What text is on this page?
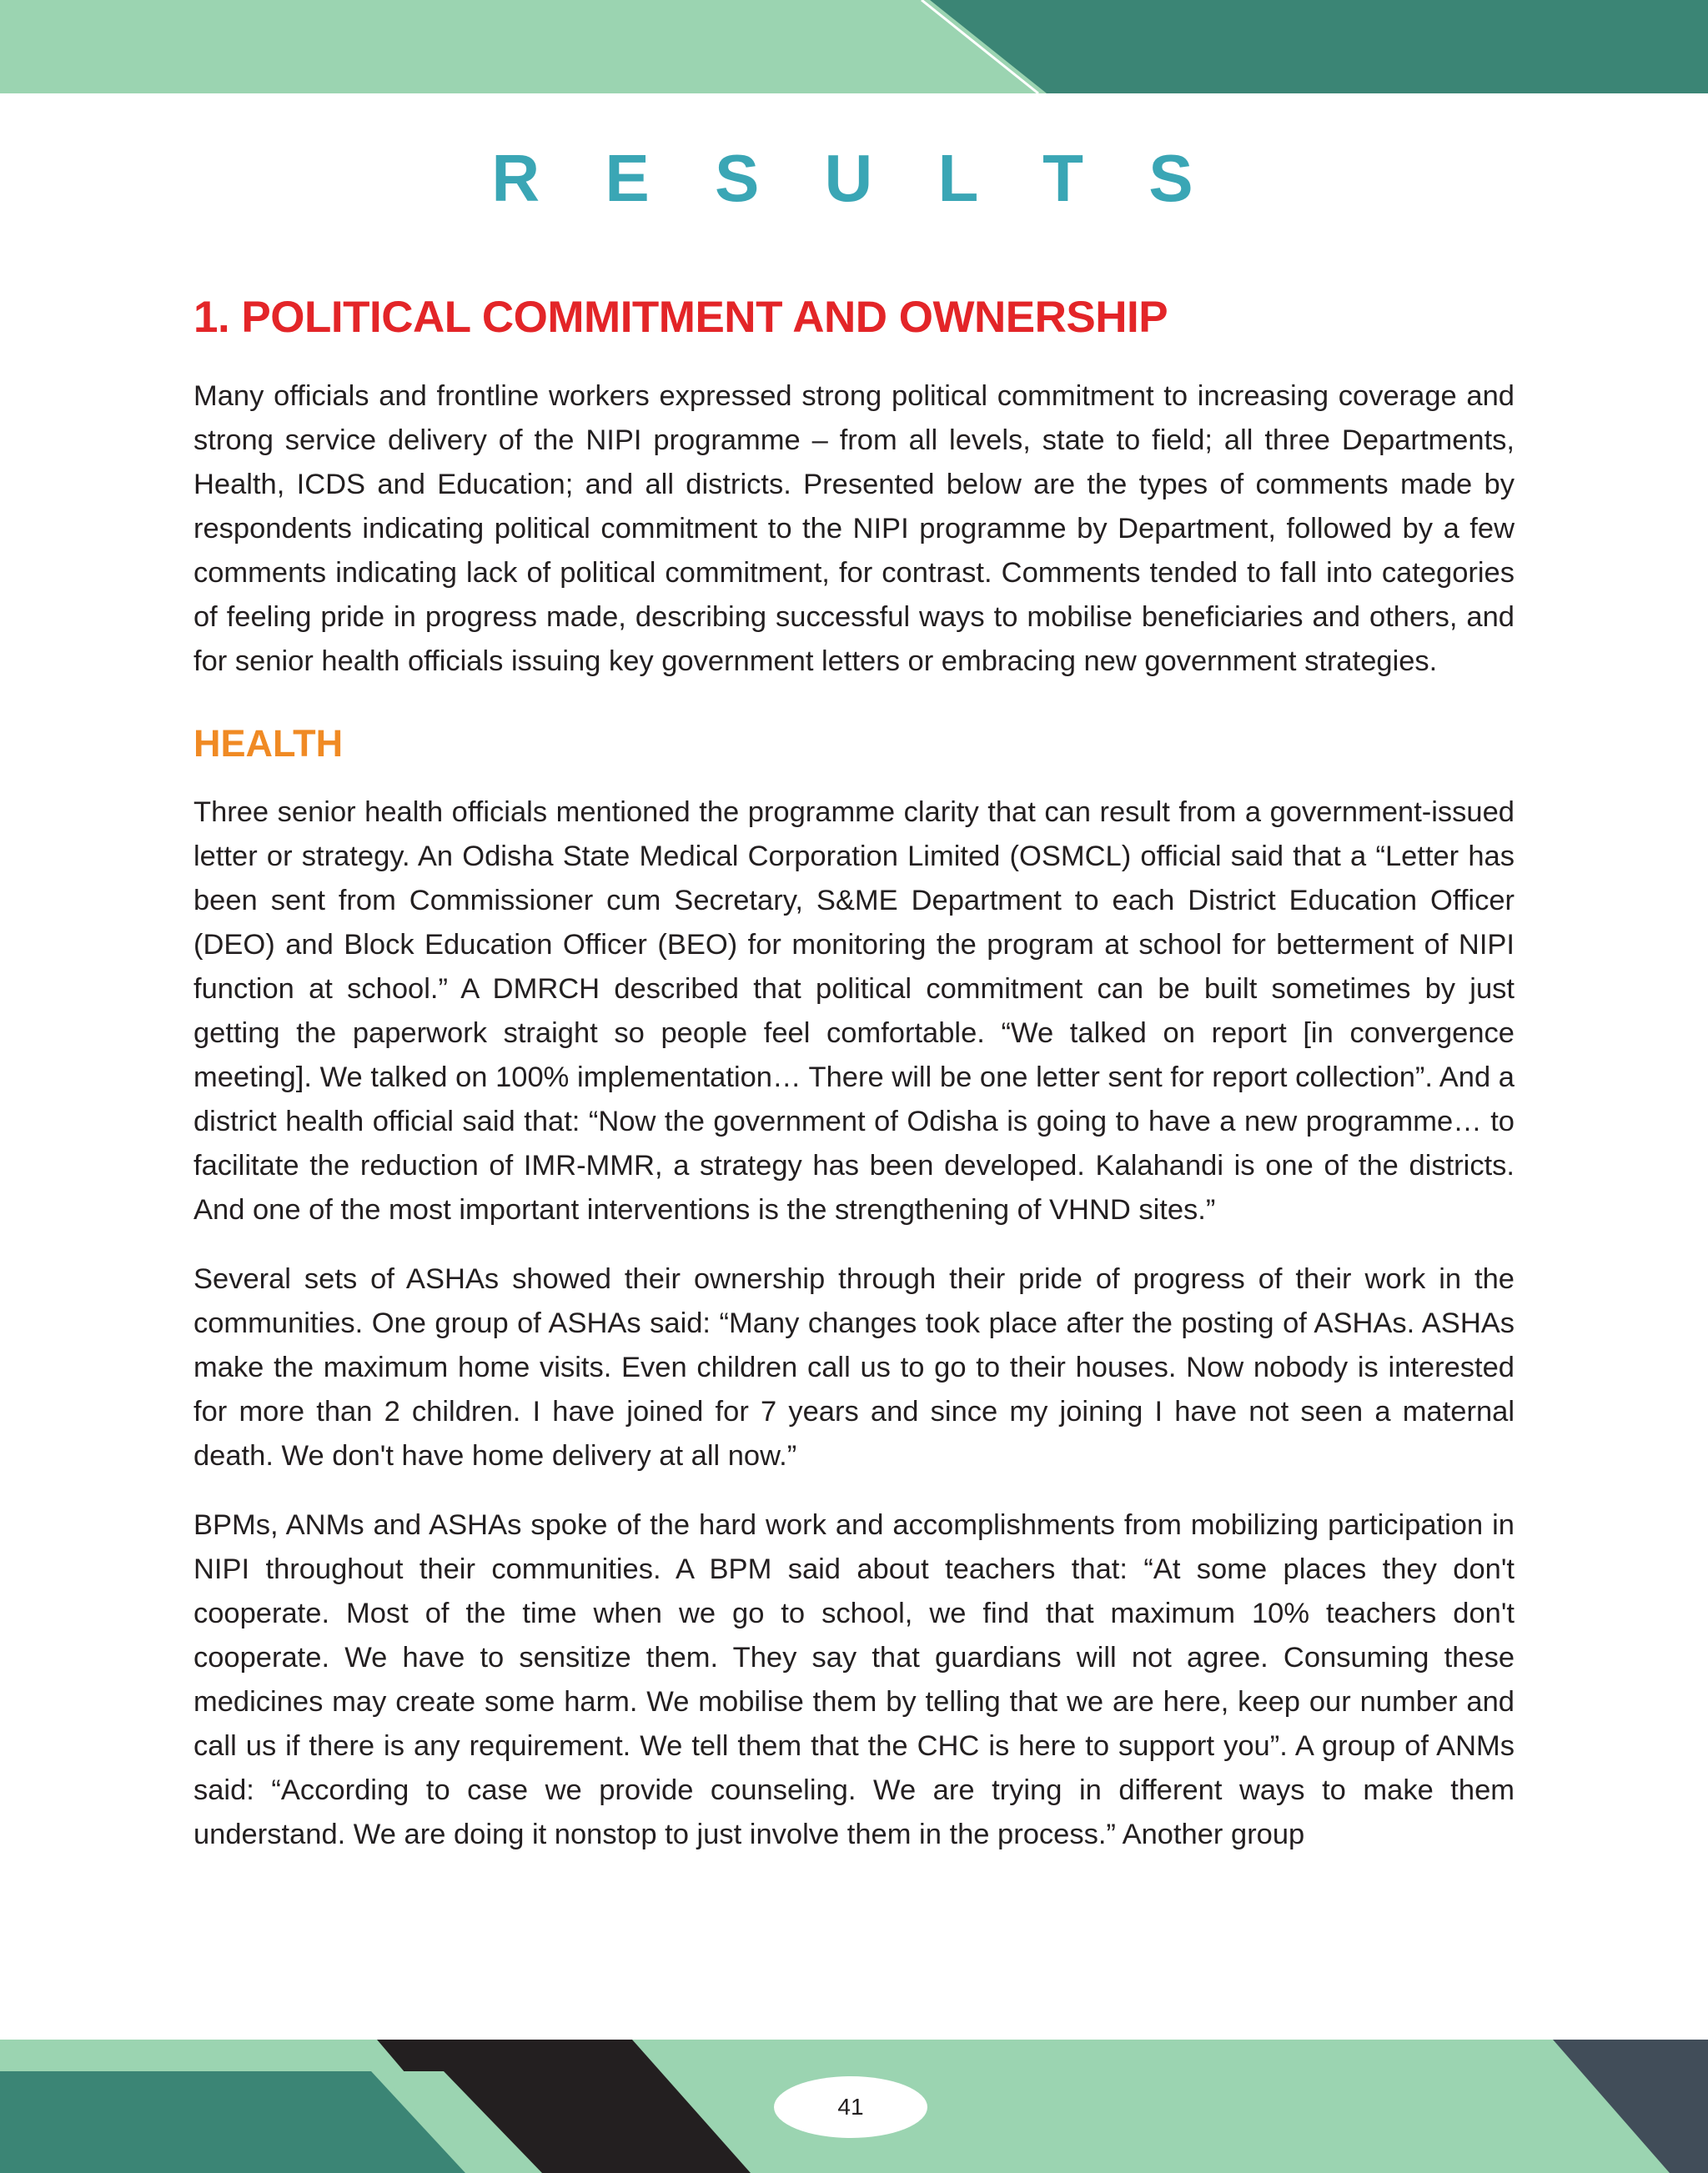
R E S U L T S
1. POLITICAL COMMITMENT AND OWNERSHIP

Many officials and frontline workers expressed strong political commitment to increasing coverage and strong service delivery of the NIPI programme – from all levels, state to field; all three Departments, Health, ICDS and Education; and all districts. Presented below are the types of comments made by respondents indicating political commitment to the NIPI programme by Department, followed by a few comments indicating lack of political commitment, for contrast. Comments tended to fall into categories of feeling pride in progress made, describing successful ways to mobilise beneficiaries and others, and for senior health officials issuing key government letters or embracing new government strategies.

HEALTH

Three senior health officials mentioned the programme clarity that can result from a government-issued letter or strategy. An Odisha State Medical Corporation Limited (OSMCL) official said that a “Letter has been sent from Commissioner cum Secretary, S&ME Department to each District Education Officer (DEO) and Block Education Officer (BEO) for monitoring the program at school for betterment of NIPI function at school.” A DMRCH described that political commitment can be built sometimes by just getting the paperwork straight so people feel comfortable. “We talked on report [in convergence meeting]. We talked on 100% implementation… There will be one letter sent for report collection”. And a district health official said that: “Now the government of Odisha is going to have a new programme… to facilitate the reduction of IMR-MMR, a strategy has been developed. Kalahandi is one of the districts. And one of the most important interventions is the strengthening of VHND sites.”

Several sets of ASHAs showed their ownership through their pride of progress of their work in the communities. One group of ASHAs said: “Many changes took place after the posting of ASHAs. ASHAs make the maximum home visits. Even children call us to go to their houses. Now nobody is interested for more than 2 children. I have joined for 7 years and since my joining I have not seen a maternal death. We don't have home delivery at all now.”

BPMs, ANMs and ASHAs spoke of the hard work and accomplishments from mobilizing participation in NIPI throughout their communities. A BPM said about teachers that: “At some places they don't cooperate. Most of the time when we go to school, we find that maximum 10% teachers don't cooperate. We have to sensitize them. They say that guardians will not agree. Consuming these medicines may create some harm. We mobilise them by telling that we are here, keep our number and call us if there is any requirement. We tell them that the CHC is here to support you”. A group of ANMs said: “According to case we provide counseling. We are trying in different ways to make them understand. We are doing it nonstop to just involve them in the process.” Another group

41
